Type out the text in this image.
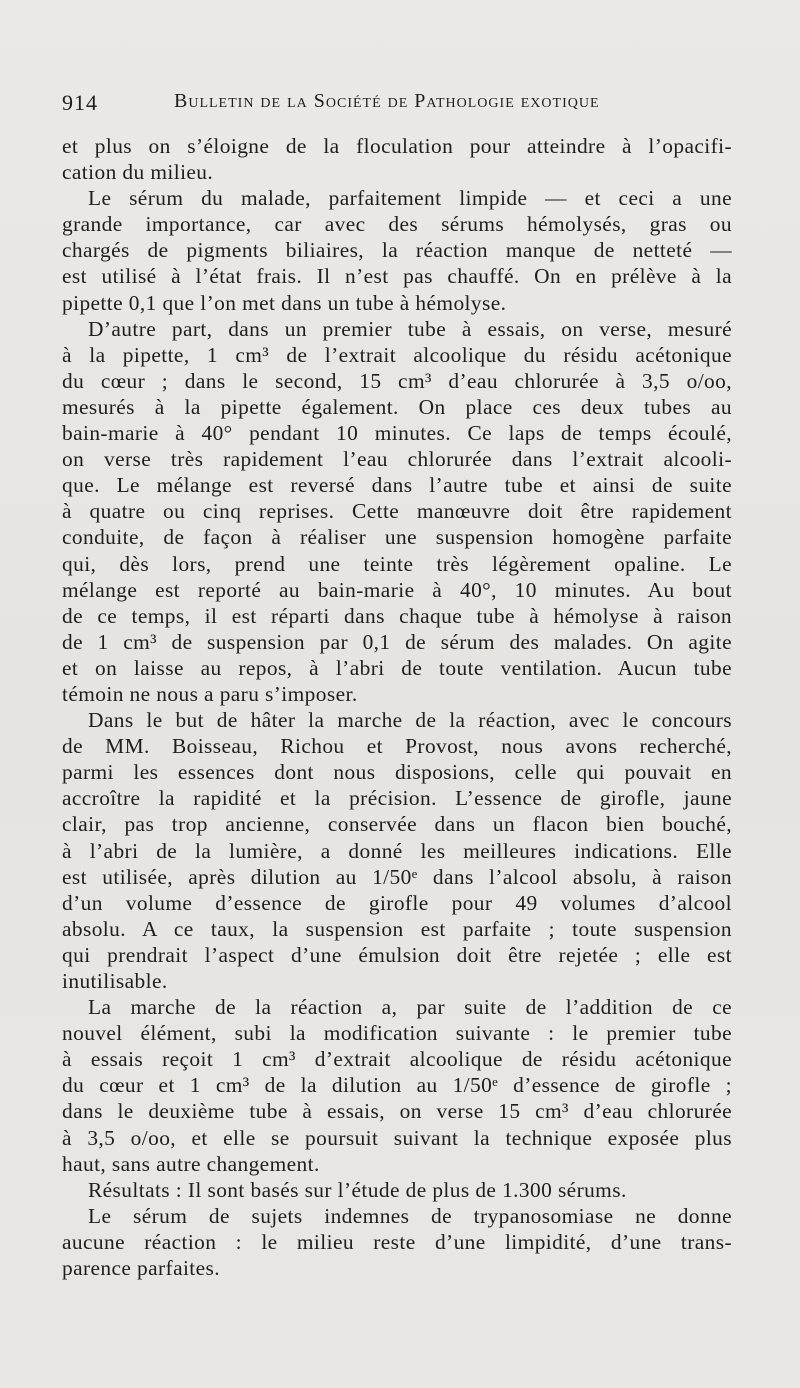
914	Bulletin de la Société de Pathologie exotique
et plus on s’éloigne de la floculation pour atteindre à l’opacifi-
cation du milieu.
Le sérum du malade, parfaitement limpide — et ceci a une
grande importance, car avec des sérums hémolysés, gras ou
chargés de pigments biliaires, la réaction manque de netteté —
est utilisé à l’état frais. Il n’est pas chauffé. On en prélève à la
pipette 0,1 que l’on met dans un tube à hémolyse.
D’autre part, dans un premier tube à essais, on verse, mesuré
à la pipette, 1 cm³ de l’extrait alcoolique du résidu acétonique
du cœur ; dans le second, 15 cm³ d’eau chlorurée à 3,5 o/oo,
mesurés à la pipette également. On place ces deux tubes au
bain-marie à 40° pendant 10 minutes. Ce laps de temps écoulé,
on verse très rapidement l’eau chlorurée dans l’extrait alcooli-
que. Le mélange est reversé dans l’autre tube et ainsi de suite
à quatre ou cinq reprises. Cette manœuvre doit être rapidement
conduite, de façon à réaliser une suspension homogène parfaite
qui, dès lors, prend une teinte très légèrement opaline. Le
mélange est reporté au bain-marie à 40°, 10 minutes. Au bout
de ce temps, il est réparti dans chaque tube à hémolyse à raison
de 1 cm³ de suspension par 0,1 de sérum des malades. On agite
et on laisse au repos, à l’abri de toute ventilation. Aucun tube
témoin ne nous a paru s’imposer.
Dans le but de hâter la marche de la réaction, avec le concours
de MM. Boisseau, Richou et Provost, nous avons recherché,
parmi les essences dont nous disposions, celle qui pouvait en
accroître la rapidité et la précision. L’essence de girofle, jaune
clair, pas trop ancienne, conservée dans un flacon bien bouché,
à l’abri de la lumière, a donné les meilleures indications. Elle
est utilisée, après dilution au 1/50ᵉ dans l’alcool absolu, à raison
d’un volume d’essence de girofle pour 49 volumes d’alcool
absolu. A ce taux, la suspension est parfaite ; toute suspension
qui prendrait l’aspect d’une émulsion doit être rejetée ; elle est
inutilisable.
La marche de la réaction a, par suite de l’addition de ce
nouvel élément, subi la modification suivante : le premier tube
à essais reçoit 1 cm³ d’extrait alcoolique de résidu acétonique
du cœur et 1 cm³ de la dilution au 1/50ᵉ d’essence de girofle ;
dans le deuxième tube à essais, on verse 15 cm³ d’eau chlorurée
à 3,5 o/oo, et elle se poursuit suivant la technique exposée plus
haut, sans autre changement.
Résultats : Il sont basés sur l’étude de plus de 1.300 sérums.
Le sérum de sujets indemnes de trypanosomiase ne donne
aucune réaction : le milieu reste d’une limpidité, d’une trans-
parence parfaites.
